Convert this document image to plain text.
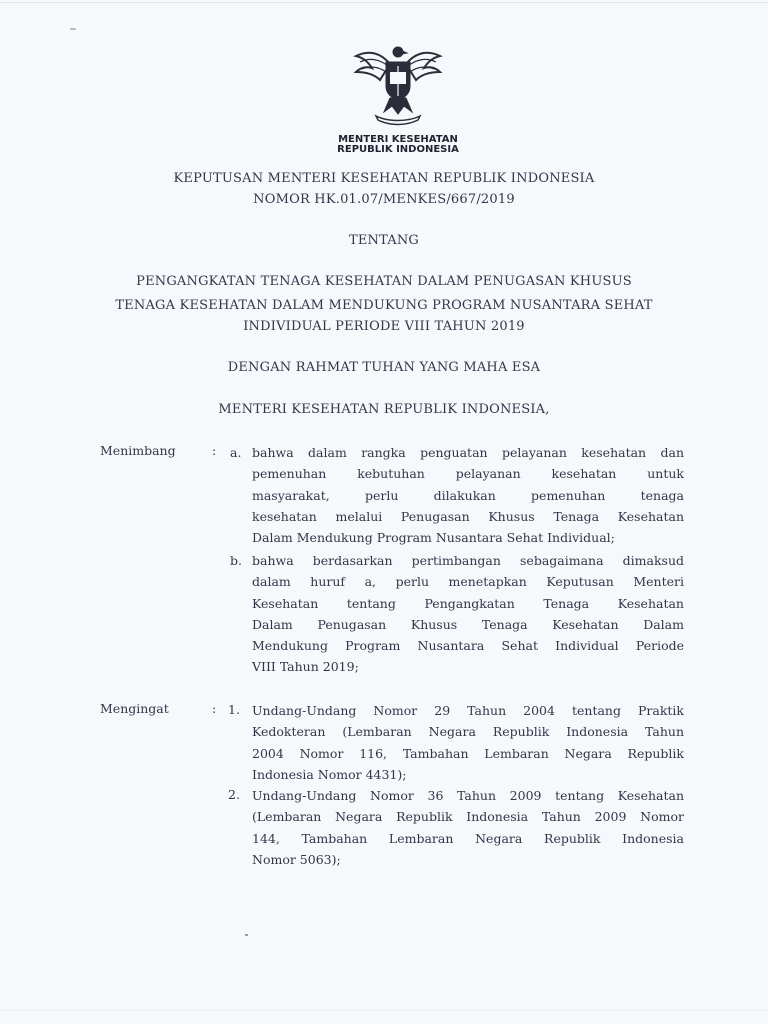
MENTERI KESEHATAN
REPUBLIK INDONESIA
KEPUTUSAN MENTERI KESEHATAN REPUBLIK INDONESIA
NOMOR HK.01.07/MENKES/667/2019
TENTANG
PENGANGKATAN TENAGA KESEHATAN DALAM PENUGASAN KHUSUS
TENAGA KESEHATAN DALAM MENDUKUNG PROGRAM NUSANTARA SEHAT
INDIVIDUAL PERIODE VIII TAHUN 2019
DENGAN RAHMAT TUHAN YANG MAHA ESA
MENTERI KESEHATAN REPUBLIK INDONESIA,
Menimbang	: a. bahwa dalam rangka penguatan pelayanan kesehatan dan
pemenuhan kebutuhan pelayanan kesehatan untuk
masyarakat, perlu dilakukan pemenuhan tenaga
kesehatan melalui Penugasan Khusus Tenaga Kesehatan
Dalam Mendukung Program Nusantara Sehat Individual;
b. bahwa berdasarkan pertimbangan sebagaimana dimaksud
dalam huruf a, perlu menetapkan Keputusan Menteri
Kesehatan tentang Pengangkatan Tenaga Kesehatan
Dalam Penugasan Khusus Tenaga Kesehatan Dalam
Mendukung Program Nusantara Sehat Individual Periode
VIII Tahun 2019;
Mengingat	: 1. Undang-Undang Nomor 29 Tahun 2004 tentang Praktik
Kedokteran (Lembaran Negara Republik Indonesia Tahun
2004 Nomor 116, Tambahan Lembaran Negara Republik
Indonesia Nomor 4431);
2. Undang-Undang Nomor 36 Tahun 2009 tentang Kesehatan
(Lembaran Negara Republik Indonesia Tahun 2009 Nomor
144, Tambahan Lembaran Negara Republik Indonesia
Nomor 5063);
